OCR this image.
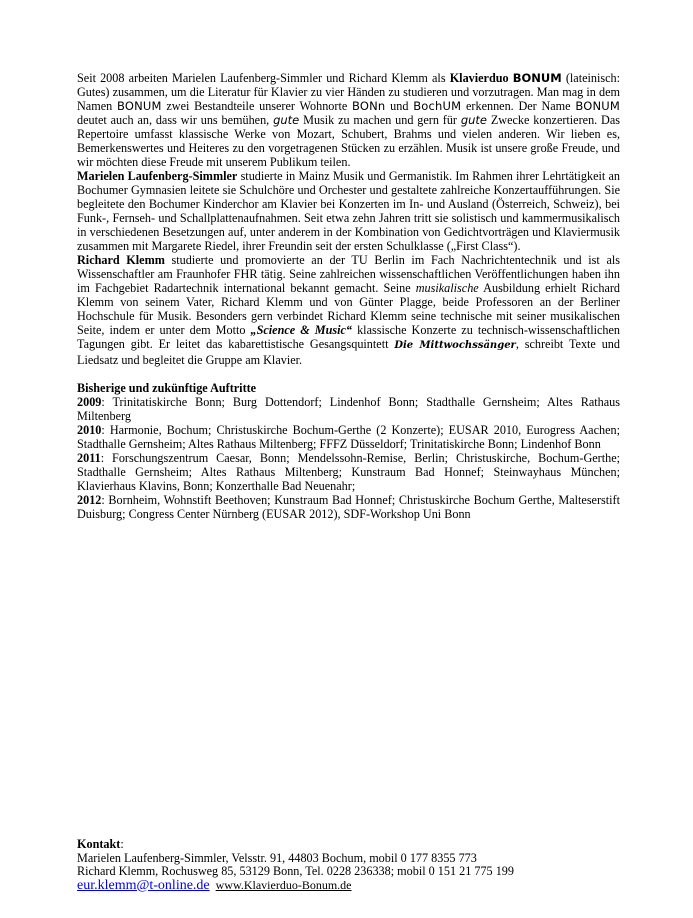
Seit 2008 arbeiten Marielen Laufenberg-Simmler und Richard Klemm als Klavierduo BONUM (lateinisch: Gutes) zusammen, um die Literatur für Klavier zu vier Händen zu studieren und vorzutragen. Man mag in dem Namen BONUM zwei Bestandteile unserer Wohnorte BONn und BochUM erkennen. Der Name BONUM deutet auch an, dass wir uns bemühen, gute Musik zu machen und gern für gute Zwecke konzertieren. Das Repertoire umfasst klassische Werke von Mozart, Schubert, Brahms und vielen anderen. Wir lieben es, Bemerkenswertes und Heiteres zu den vorgetragenen Stücken zu erzählen. Musik ist unsere große Freude, und wir möchten diese Freude mit unserem Publikum teilen.

Marielen Laufenberg-Simmler studierte in Mainz Musik und Germanistik. Im Rahmen ihrer Lehrtätigkeit an Bochumer Gymnasien leitete sie Schulchöre und Orchester und gestaltete zahlreiche Konzertaufführungen. Sie begleitete den Bochumer Kinderchor am Klavier bei Konzerten im In- und Ausland (Österreich, Schweiz), bei Funk-, Fernseh- und Schallplattenaufnahmen. Seit etwa zehn Jahren tritt sie solistisch und kammermusikalisch in verschiedenen Besetzungen auf, unter anderem in der Kombination von Gedichtvorträgen und Klaviermusik zusammen mit Margarete Riedel, ihrer Freundin seit der ersten Schulklasse („First Class“).

Richard Klemm studierte und promovierte an der TU Berlin im Fach Nachrichtentechnik und ist als Wissenschaftler am Fraunhofer FHR tätig. Seine zahlreichen wissenschaftlichen Veröffentlichungen haben ihn im Fachgebiet Radartechnik international bekannt gemacht. Seine musikalische Ausbildung erhielt Richard Klemm von seinem Vater, Richard Klemm und von Günter Plagge, beide Professoren an der Berliner Hochschule für Musik. Besonders gern verbindet Richard Klemm seine technische mit seiner musikalischen Seite, indem er unter dem Motto „Science & Music“ klassische Konzerte zu technisch-wissenschaftlichen Tagungen gibt. Er leitet das kabarettistische Gesangsquintett Die Mittwochssänger, schreibt Texte und Liedsatz und begleitet die Gruppe am Klavier.

Bisherige und zukünftige Auftritte

2009: Trinitatiskirche Bonn; Burg Dottendorf; Lindenhof Bonn; Stadthalle Gernsheim; Altes Rathaus Miltenberg

2010: Harmonie, Bochum; Christuskirche Bochum-Gerthe (2 Konzerte); EUSAR 2010, Eurogress Aachen; Stadthalle Gernsheim; Altes Rathaus Miltenberg; FFFZ Düsseldorf; Trinitatiskirche Bonn; Lindenhof Bonn

2011: Forschungszentrum Caesar, Bonn; Mendelssohn-Remise, Berlin; Christuskirche, Bochum-Gerthe; Stadthalle Gernsheim; Altes Rathaus Miltenberg; Kunstraum Bad Honnef; Steinwayhaus München; Klavierhaus Klavins, Bonn; Konzerthalle Bad Neuenahr;

2012: Bornheim, Wohnstift Beethoven; Kunstraum Bad Honnef; Christuskirche Bochum Gerthe, Malteserstift Duisburg; Congress Center Nürnberg (EUSAR 2012), SDF-Workshop Uni Bonn

Kontakt:
Marielen Laufenberg-Simmler, Velsstr. 91, 44803 Bochum, mobil 0 177 8355 773
Richard Klemm, Rochusweg 85, 53129 Bonn, Tel. 0228 236338; mobil 0 151 21 775 199
eur.klemm@t-online.de www.Klavierduo-Bonum.de
